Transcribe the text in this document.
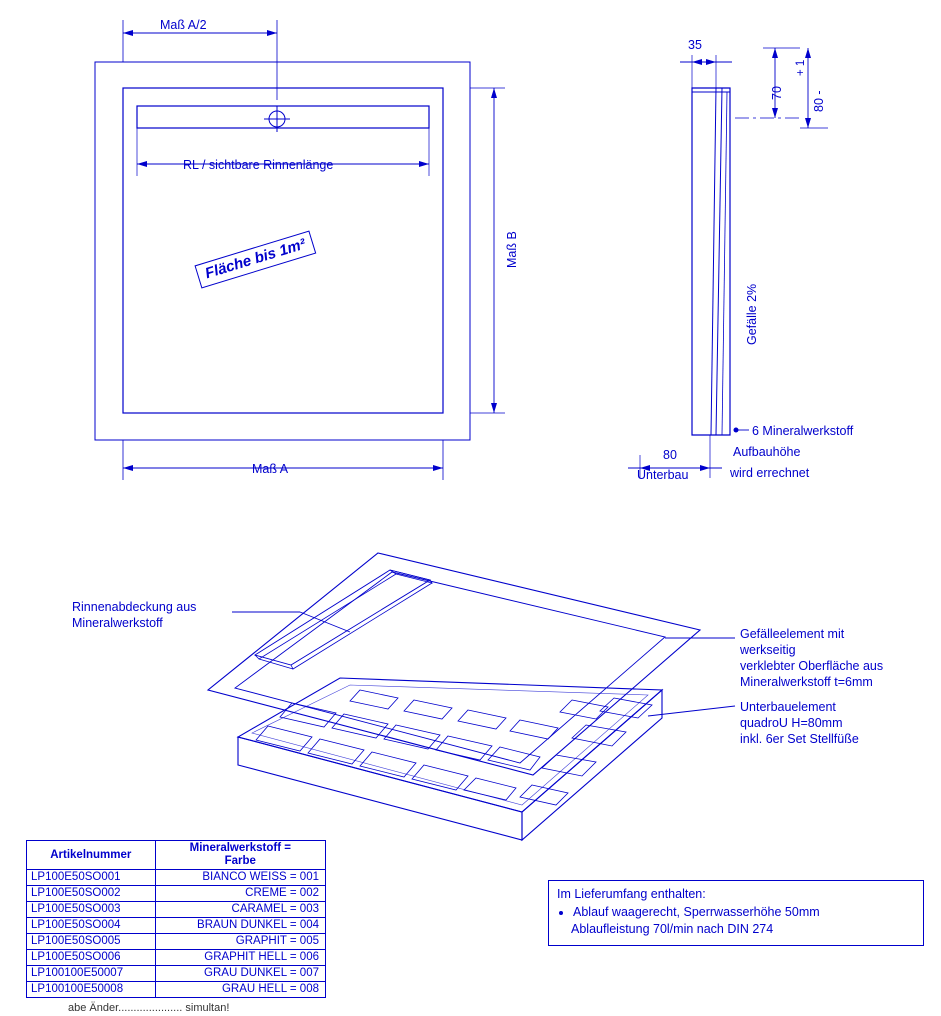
Maß A/2
RL / sichtbare Rinnenlänge
Maß B
Maß A
Fläche bis 1m²
35
70
+ 1
80 -
Gefälle 2%
6 Mineralwerkstoff
Aufbauhöhe
wird errechnet
80
Unterbau
Rinnenabdeckung aus
Mineralwerkstoff
Gefälleelement mit
werkseitig
verklebter Oberfläche aus
Mineralwerkstoff t=6mm
Unterbauelement
quadroU H=80mm
inkl. 6er Set Stellfüße
Artikelnummer	Mineralwerkstoff =
Farbe
LP100E50SO001	BIANCO WEISS = 001
LP100E50SO002	CREME = 002
LP100E50SO003	CARAMEL = 003
LP100E50SO004	BRAUN DUNKEL = 004
LP100E50SO005	GRAPHIT = 005
LP100E50SO006	GRAPHIT HELL = 006
LP100100E50007	GRAU DUNKEL = 007
LP100100E50008	GRAU HELL = 008
Im Lieferumfang enthalten:
• Ablauf waagerecht, Sperrwasserhöhe 50mm
Ablaufleistung 70l/min nach DIN 274
abe Änder..................... simultan!
